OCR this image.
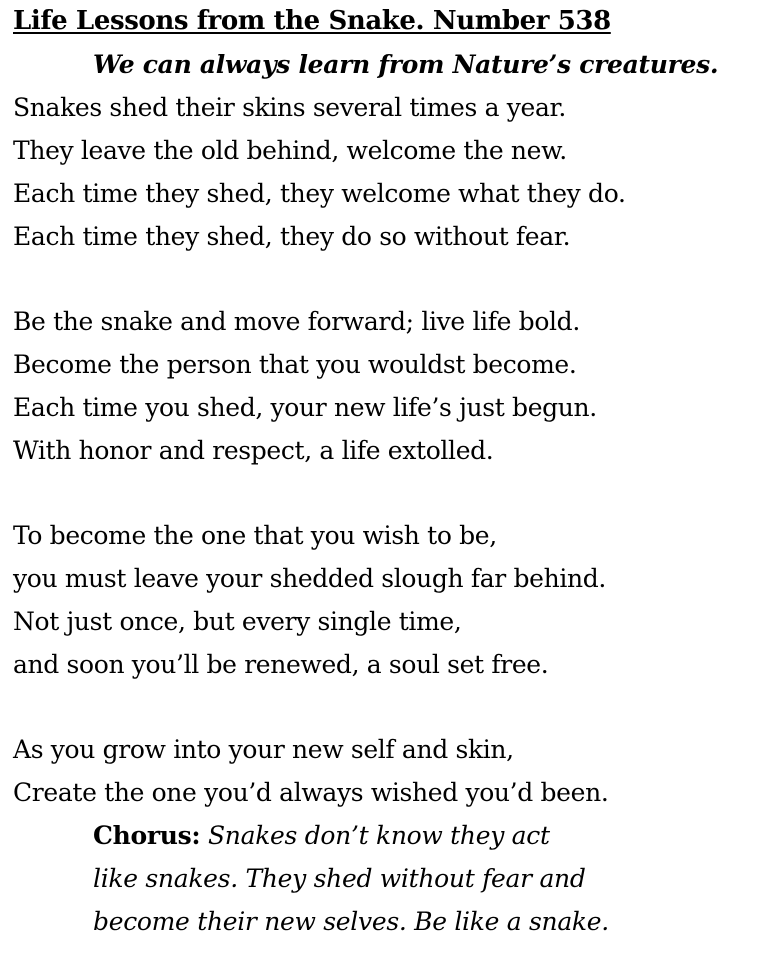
Life Lessons from the Snake. Number 538
We can always learn from Nature’s creatures.
Snakes shed their skins several times a year.
They leave the old behind, welcome the new.
Each time they shed, they welcome what they do.
Each time they shed, they do so without fear.
Be the snake and move forward; live life bold.
Become the person that you wouldst become.
Each time you shed, your new life’s just begun.
With honor and respect, a life extolled.
To become the one that you wish to be,
you must leave your shedded slough far behind.
Not just once, but every single time,
and soon you’ll be renewed, a soul set free.
As you grow into your new self and skin,
Create the one you’d always wished you’d been.
Chorus: Snakes don’t know they act
like snakes. They shed without fear and
become their new selves. Be like a snake.
